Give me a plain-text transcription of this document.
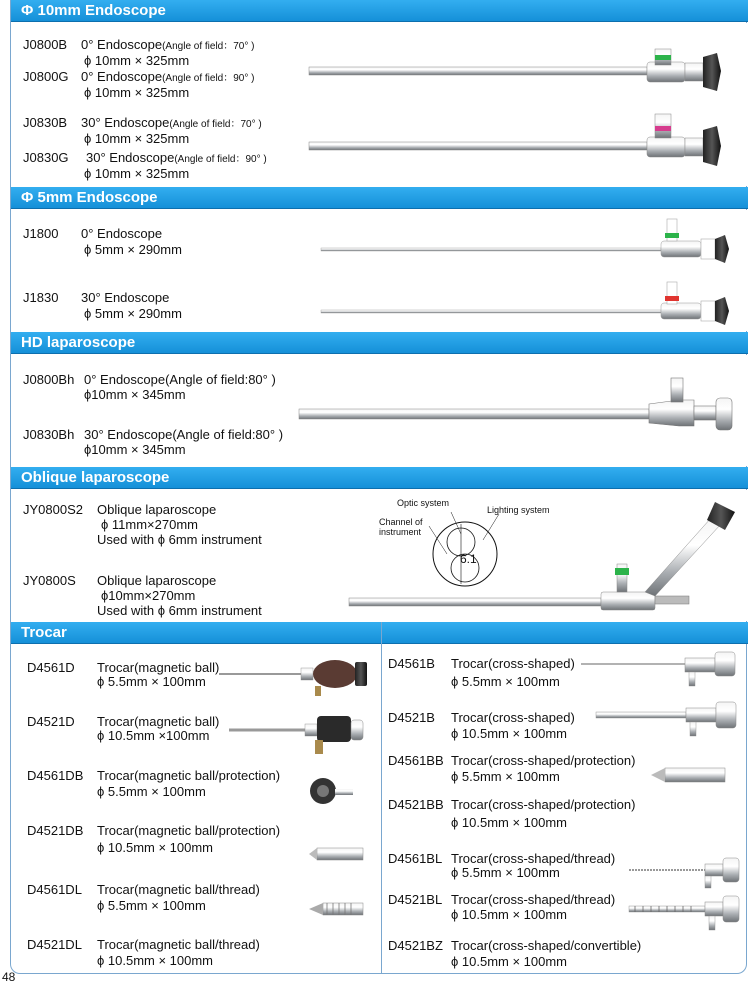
Φ 10mm Endoscope
J0800B 0° Endoscope(Angle of field：70° )
ϕ 10mm × 325mm
J0800G 0° Endoscope(Angle of field：90° )
ϕ 10mm × 325mm
J0830B 30° Endoscope(Angle of field：70° )
ϕ 10mm × 325mm
J0830G 30° Endoscope(Angle of field：90° )
ϕ 10mm × 325mm
Φ 5mm Endoscope
J1800 0° Endoscope
ϕ 5mm × 290mm
J1830 30° Endoscope
ϕ 5mm × 290mm
HD laparoscope
J0800Bh 0° Endoscope(Angle of field:80° )
ϕ10mm × 345mm
J0830Bh 30° Endoscope(Angle of field:80° )
ϕ10mm × 345mm
Oblique laparoscope
JY0800S2 Oblique laparoscope
ϕ 11mm×270mm
Used with ϕ 6mm instrument
JY0800S Oblique laparoscope
ϕ10mm×270mm
Used with ϕ 6mm instrument
Optic system
Lighting system
Channel of instrument
6.1
Trocar
D4561D Trocar(magnetic ball)
ϕ 5.5mm × 100mm
D4521D Trocar(magnetic ball)
ϕ 10.5mm ×100mm
D4561DB Trocar(magnetic ball/protection)
ϕ 5.5mm × 100mm
D4521DB Trocar(magnetic ball/protection)
ϕ 10.5mm × 100mm
D4561DL Trocar(magnetic ball/thread)
ϕ 5.5mm × 100mm
D4521DL Trocar(magnetic ball/thread)
ϕ 10.5mm × 100mm
D4561B Trocar(cross-shaped)
ϕ 5.5mm × 100mm
D4521B Trocar(cross-shaped)
ϕ 10.5mm × 100mm
D4561BB Trocar(cross-shaped/protection)
ϕ 5.5mm × 100mm
D4521BB Trocar(cross-shaped/protection)
ϕ 10.5mm × 100mm
D4561BL Trocar(cross-shaped/thread)
ϕ 5.5mm × 100mm
D4521BL Trocar(cross-shaped/thread)
ϕ 10.5mm × 100mm
D4521BZ Trocar(cross-shaped/convertible)
ϕ 10.5mm × 100mm
48
